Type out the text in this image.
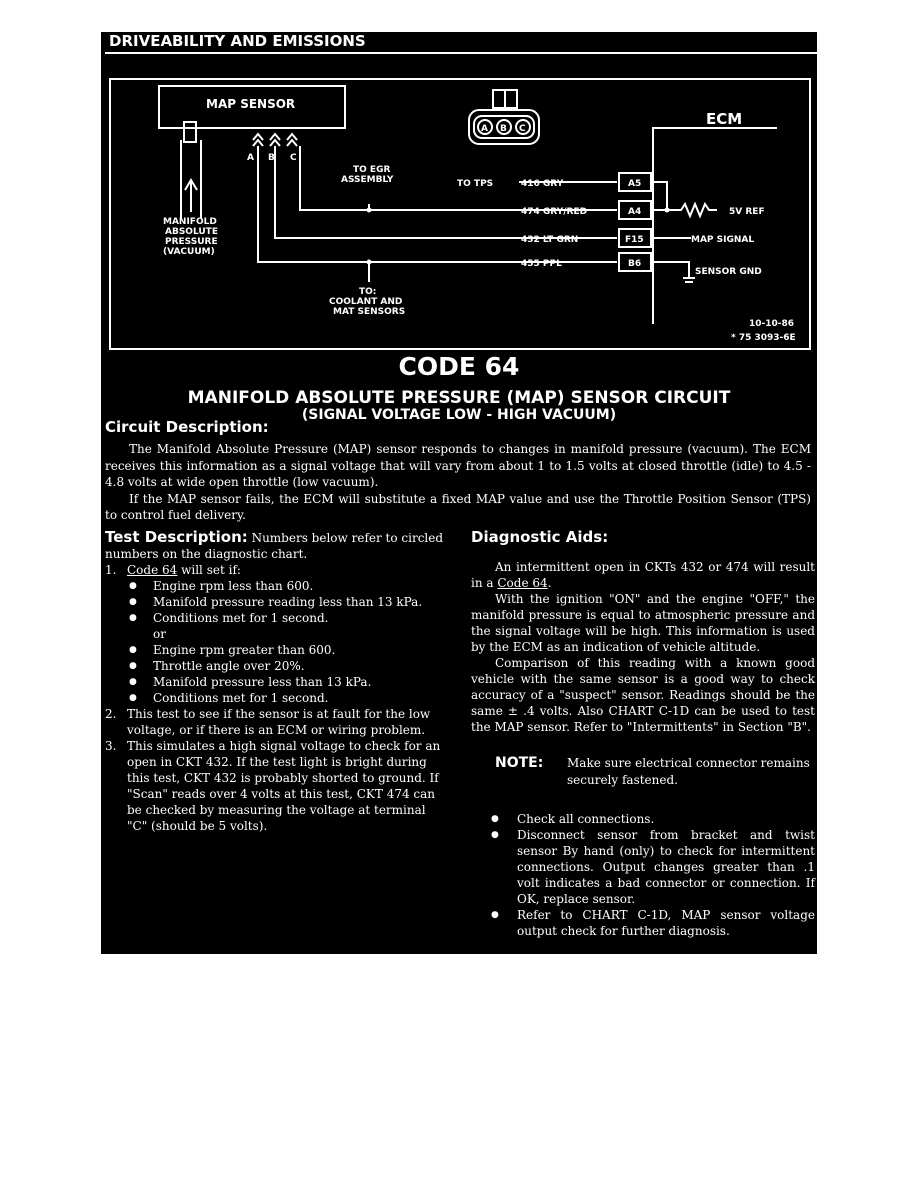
DRIVEABILITY AND EMISSIONS
MAP SENSOR
MANIFOLD
ABSOLUTE
PRESSURE
(VACUUM)
A B C
TO EGR
ASSEMBLY	TO TPS
TO:
COOLANT AND
MAT SENSORS
A B C
416 GRY
474 GRY/RED
432 LT GRN
455 PPL
A5
A4
F15
B6
ECM
5V REF
MAP SIGNAL
SENSOR GND
10-10-86
* 75 3093-6E
CODE 64
MANIFOLD ABSOLUTE PRESSURE (MAP) SENSOR CIRCUIT
(SIGNAL VOLTAGE LOW - HIGH VACUUM)
Circuit Description:

The Manifold Absolute Pressure (MAP) sensor responds to changes in manifold pressure (vacuum). The ECM receives this information as a signal voltage that will vary from about 1 to 1.5 volts at closed throttle (idle) to 4.5 - 4.8 volts at wide open throttle (low vacuum).

If the MAP sensor fails, the ECM will substitute a fixed MAP value and use the Throttle Position Sensor (TPS) to control fuel delivery.

Test Description: Numbers below refer to circled numbers on the diagnostic chart.
1. Code 64 will set if:
● Engine rpm less than 600.
● Manifold pressure reading less than 13 kPa.
● Conditions met for 1 second.
or
● Engine rpm greater than 600.
● Throttle angle over 20%.
● Manifold pressure less than 13 kPa.
● Conditions met for 1 second.
2. This test to see if the sensor is at fault for the low voltage, or if there is an ECM or wiring problem.
3. This simulates a high signal voltage to check for an open in CKT 432. If the test light is bright during this test, CKT 432 is probably shorted to ground. If "Scan" reads over 4 volts at this test, CKT 474 can be checked by measuring the voltage at terminal "C" (should be 5 volts).
Diagnostic Aids:

An intermittent open in CKTs 432 or 474 will result in a Code 64.

With the ignition "ON" and the engine "OFF," the manifold pressure is equal to atmospheric pressure and the signal voltage will be high. This information is used by the ECM as an indication of vehicle altitude.

Comparison of this reading with a known good vehicle with the same sensor is a good way to check accuracy of a "suspect" sensor. Readings should be the same ± .4 volts. Also CHART C-1D can be used to test the MAP sensor. Refer to "Intermittents" in Section "B".

NOTE: Make sure electrical connector remains securely fastened.
● Check all connections.
● Disconnect sensor from bracket and twist sensor By hand (only) to check for intermittent connections. Output changes greater than .1 volt indicates a bad connector or connection. If OK, replace sensor.
● Refer to CHART C-1D, MAP sensor voltage output check for further diagnosis.
